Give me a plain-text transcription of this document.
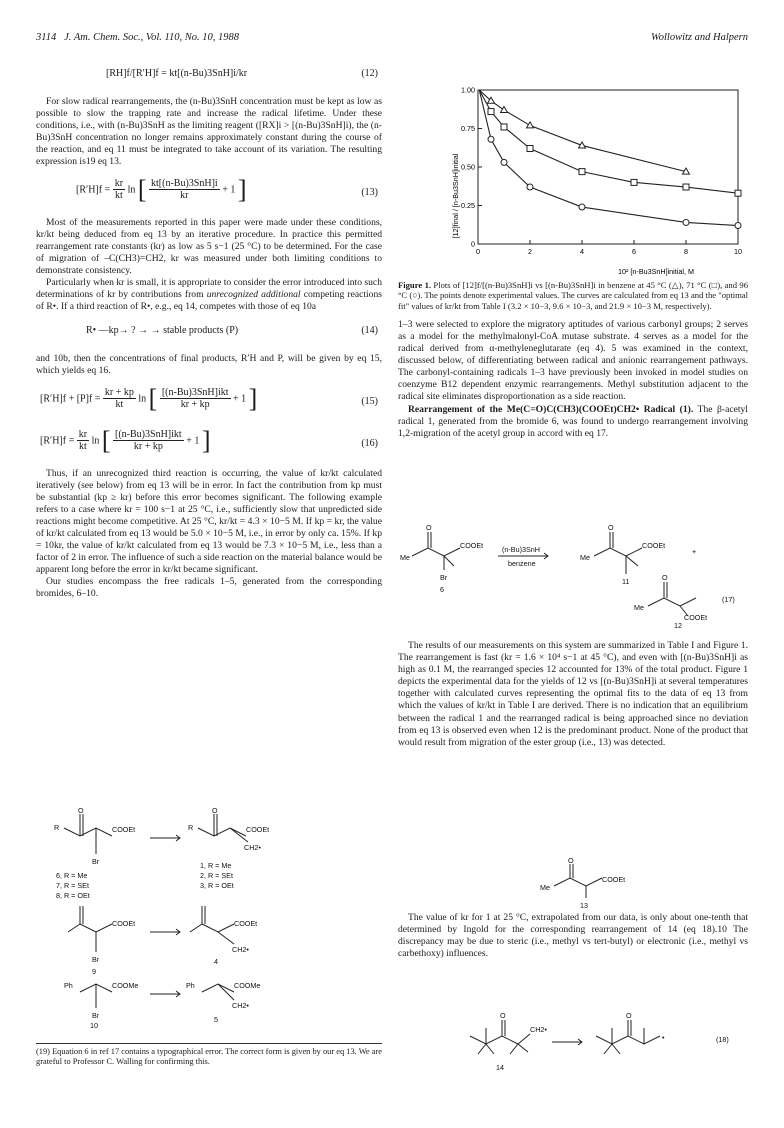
3114 J. Am. Chem. Soc., Vol. 110, No. 10, 1988	Wollowitz and Halpern
[RH]f/[R′H]f = kt[(n-Bu)3SnH]i/kr	(12)

For slow radical rearrangements, the (n-Bu)3SnH concentration must be kept as low as possible to slow the trapping rate and increase the radical lifetime. Under these conditions, i.e., with (n-Bu)3SnH as the limiting reagent ([RX]i > [(n-Bu)3SnH]i), the (n-Bu)3SnH concentration no longer remains approximately constant during the course of the reaction, and eq 11 must be integrated to take account of its variation. The resulting expression is19 eq 13.

$[R'H]f = \frac{kr}{kt}$ ln [ $\frac{\text{kt[(n-Bu)3SnH]i}}{kr} + 1$ ]	(13)

Most of the measurements reported in this paper were made under these conditions, kr/kt being deduced from eq 13 by an iterative procedure. In practice this permitted rearrangement rate constants (kr) as low as 5 s−1 (25 °C) to be determined. For the case of migration of –C(CH3)=CH2, kr was measured under both limiting conditions to demonstrate consistency.

Particularly when kr is small, it is appropriate to consider the error introduced into such determinations of kr by contributions from unrecognized additional competing reactions of R•. If a third reaction of R•, e.g., eq 14, competes with those of eq 10a

R• —kp→ ? → → stable products (P)	(14)

and 10b, then the concentrations of final products, R′H and P, will be given by eq 15, which yields eq 16.

$[R'H]f + [P]f = \frac{kr + kp}{kt}$ ln [ $\frac{\text{[(n-Bu)3SnH]ikt}}{kr + kp} + 1$ ]	(15)
$[R'H]f = \frac{kr}{kt}$ ln [ $\frac{\text{[(n-Bu)3SnH]ikt}}{kr + kp} + 1$ ]	(16)

Thus, if an unrecognized third reaction is occurring, the value of kr/kt calculated iteratively (see below) from eq 13 will be in error. In fact the contribution from kp must be substantial (kp ≥ kr) before this error becomes significant. The following example refers to a case where kr = 100 s−1 at 25 °C, i.e., sufficiently slow that unpredicted side reactions might become competitive. At 25 °C, kr/kt = 4.3 × 10−5 M. If kp = kr, the value of kr/kt calculated from eq 13 would be 5.0 × 10−5 M, i.e., in error by only ca. 15%. If kp = 10kr, the value of kr/kt calculated from eq 13 would be 7.3 × 10−5 M, i.e., less than a factor of 2 in error. The influence of such a side reaction on the material balance would be apparent long before the error in kr/kt became significant.

Our studies encompass the free radicals 1–5, generated from the corresponding bromides, 6–10.

O
R	COOEt
Br
6, R = Me
7, R = SEt
8, R = OEt
O
R	COOEt
CH2•
1, R = Me
2, R = SEt
3, R = OEt
COOEt
Br
9
COOEt
CH2•
4
Ph	COOMe
Br
10
Ph	COOMe
CH2•
5
(19) Equation 6 in ref 17 contains a typographical error. The correct form is given by our eq 13. We are grateful to Professor C. Walling for confirming this.
0	2	4	6	8	10
0
0.25
0.50
0.75
1.00
[12]final / [n-Bu3SnH]initial
10² [n-Bu3SnH]initial, M

Figure 1. Plots of [12]f/[(n-Bu)3SnH]i vs [(n-Bu)3SnH]i in benzene at 45 °C (△), 71 °C (□), and 96 °C (○). The points denote experimental values. The curves are calculated from eq 13 and the "optimal fit" values of kr/kt from Table I (3.2 × 10−3, 9.6 × 10−3, and 21.9 × 10−3 M, respectively).

1–3 were selected to explore the migratory aptitudes of various carbonyl groups; 2 serves as a model for the methylmalonyl-CoA mutase substrate. 4 serves as a model for the radical derived from α-methyleneglutarate (eq 4). 5 was examined in the context, discussed below, of differentiating between radical and anionic rearrangement pathways. The carbonyl-containing radicals 1–3 have previously been invoked in model studies on coenzyme B12 dependent enzymic rearrangements. Methyl substitution adjacent to the radical site eliminates disproportionation as a side reaction.

Rearrangement of the Me(C=O)C(CH3)(COOEt)CH2• Radical (1). The β-acetyl radical 1, generated from the bromide 6, was found to undergo rearrangement involving 1,2-migration of the acetyl group in accord with eq 17.

O
Me
COOEt
Br
6
(n-Bu)3SnH
benzene
O
Me
COOEt
+
11	O
Me
COOEt
(17)
12

The results of our measurements on this system are summarized in Table I and Figure 1. The rearrangement is fast (kr = 1.6 × 10⁴ s−1 at 45 °C), and even with [(n-Bu)3SnH]i as high as 0.1 M, the rearranged species 12 accounted for 13% of the total product. Figure 1 depicts the experimental data for the yields of 12 vs [(n-Bu)3SnH]i at several temperatures together with calculated curves representing the optimal fits to the data of eq 13 from which the values of kr/kt in Table I are derived. There is no indication that an equilibrium between the radical 1 and the rearranged radical is being approached since no deviation from eq 13 is observed even when 12 is the predominant product. None of the product that would result from migration of the ester group (i.e., 13) was detected.

O
Me
COOEt
13

The value of kr for 1 at 25 °C, extrapolated from our data, is only about one-tenth that determined by Ingold for the corresponding rearrangement of 14 (eq 18).10 The discrepancy may be due to steric (i.e., methyl vs tert-butyl) or electronic (i.e., methyl vs carbethoxy) influences.

O
CH2•
O
•	(18)
14
